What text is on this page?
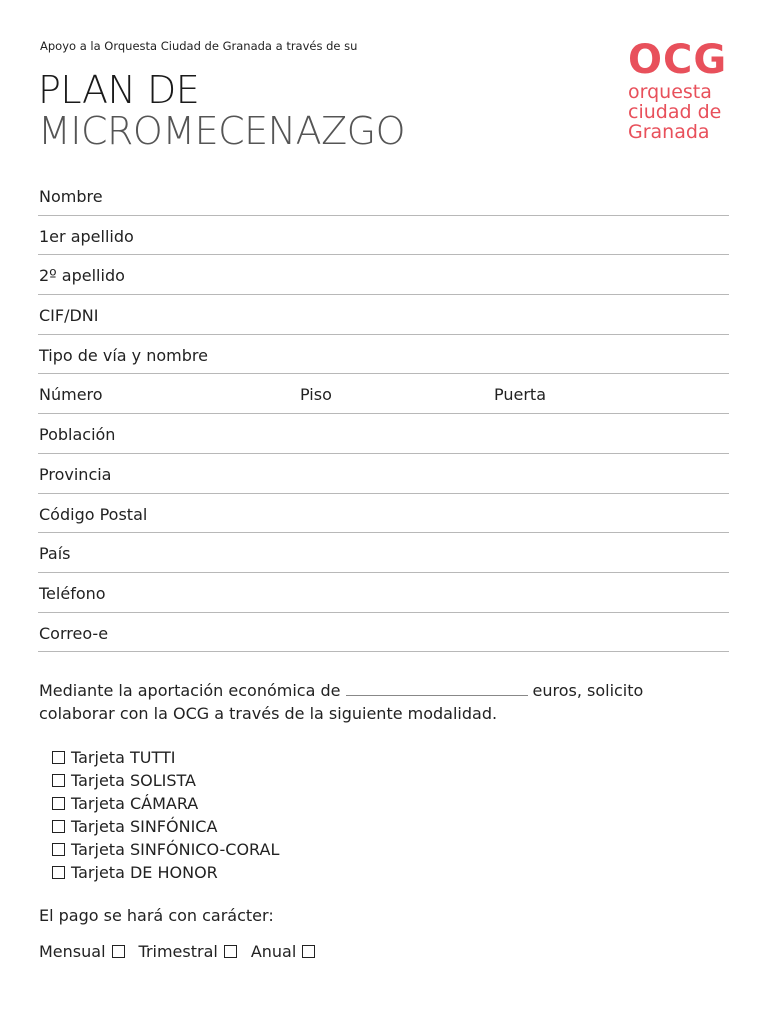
Apoyo a la Orquesta Ciudad de Granada a través de su
PLAN DE
MICROMECENAZGO
OCG
orquesta
ciudad de
Granada
Nombre
1er apellido
2º apellido
CIF/DNI
Tipo de vía y nombre
Número	Piso	Puerta
Población
Provincia
Código Postal
País
Teléfono
Correo-e
Mediante la aportación económica de	euros, solicito
colaborar con la OCG a través de la siguiente modalidad.
Tarjeta TUTTI
Tarjeta SOLISTA
Tarjeta CÁMARA
Tarjeta SINFÓNICA
Tarjeta SINFÓNICO-CORAL
Tarjeta DE HONOR
El pago se hará con carácter:
Mensual Trimestral Anual
